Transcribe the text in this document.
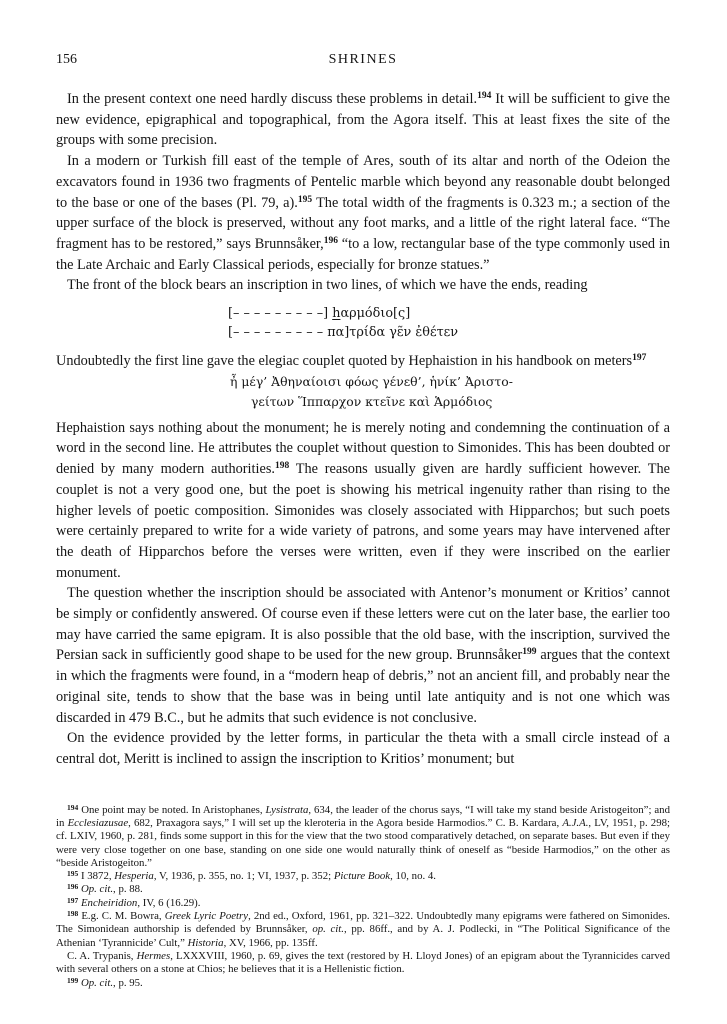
156	SHRINES

In the present context one need hardly discuss these problems in detail.$^{194}$ It will be sufficient to give the new evidence, epigraphical and topographical, from the Agora itself. This at least fixes the site of the groups with some precision.

In a modern or Turkish fill east of the temple of Ares, south of its altar and north of the Odeion the excavators found in 1936 two fragments of Pentelic marble which beyond any reasonable doubt belonged to the base or one of the bases (Pl. 79, a).$^{195}$ The total width of the fragments is 0.323 m.; a section of the upper surface of the block is preserved, without any foot marks, and a little of the right lateral face. “The fragment has to be restored,” says Brunnsåker,$^{196}$ “to a low, rectangular base of the type commonly used in the Late Archaic and Early Classical periods, especially for bronze statues.”

The front of the block bears an inscription in two lines, of which we have the ends, reading

[– – – – – – – – –] hαρμόδιο[ς]
[– – – – – – – – – πα]τρίδα γε̃ν ἐθέτεν

Undoubtedly the first line gave the elegiac couplet quoted by Hephaistion in his handbook on meters$^{197}$

ἦ μέγ’ Ἀθηναίοισι φόως γένεθ’, ἡνίκ’ Ἀριστο-
γείτων Ἵππαρχον κτεῖνε καὶ Ἁρμόδιος

Hephaistion says nothing about the monument; he is merely noting and condemning the continuation of a word in the second line. He attributes the couplet without question to Simonides. This has been doubted or denied by many modern authorities.$^{198}$ The reasons usually given are hardly sufficient however. The couplet is not a very good one, but the poet is showing his metrical ingenuity rather than rising to the higher levels of poetic composition. Simonides was closely associated with Hipparchos; but such poets were certainly prepared to write for a wide variety of patrons, and some years may have intervened after the death of Hipparchos before the verses were written, even if they were inscribed on the earlier monument.

The question whether the inscription should be associated with Antenor’s monument or Kritios’ cannot be simply or confidently answered. Of course even if these letters were cut on the later base, the earlier too may have carried the same epigram. It is also possible that the old base, with the inscription, survived the Persian sack in sufficiently good shape to be used for the new group. Brunnsåker$^{199}$ argues that the context in which the fragments were found, in a “modern heap of debris,” not an ancient fill, and probably near the original site, tends to show that the base was in being until late antiquity and is not one which was discarded in 479 B.C., but he admits that such evidence is not conclusive.

On the evidence provided by the letter forms, in particular the theta with a small circle instead of a central dot, Meritt is inclined to assign the inscription to Kritios’ monument; but

$^{194}$ One point may be noted. In Aristophanes, Lysistrata, 634, the leader of the chorus says, “I will take my stand beside Aristogeiton”; and in Ecclesiazusae, 682, Praxagora says,” I will set up the kleroteria in the Agora beside Harmodios.” C. B. Kardara, A.J.A., LV, 1951, p. 298; cf. LXIV, 1960, p. 281, finds some support in this for the view that the two stood comparatively detached, on separate bases. But even if they were very close together on one base, standing on one side one would naturally think of oneself as “beside Harmodios,” on the other as “beside Aristogeiton.”

$^{195}$ I 3872, Hesperia, V, 1936, p. 355, no. 1; VI, 1937, p. 352; Picture Book, 10, no. 4.

$^{196}$ Op. cit., p. 88.

$^{197}$ Encheiridion, IV, 6 (16.29).

$^{198}$ E.g. C. M. Bowra, Greek Lyric Poetry, 2nd ed., Oxford, 1961, pp. 321–322. Undoubtedly many epigrams were fathered on Simonides. The Simonidean authorship is defended by Brunnsåker, op. cit., pp. 86ff., and by A. J. Podlecki, in “The Political Significance of the Athenian ‘Tyrannicide’ Cult,” Historia, XV, 1966, pp. 135ff.

C. A. Trypanis, Hermes, LXXXVIII, 1960, p. 69, gives the text (restored by H. Lloyd Jones) of an epigram about the Tyrannicides carved with several others on a stone at Chios; he believes that it is a Hellenistic fiction.

$^{199}$ Op. cit., p. 95.
